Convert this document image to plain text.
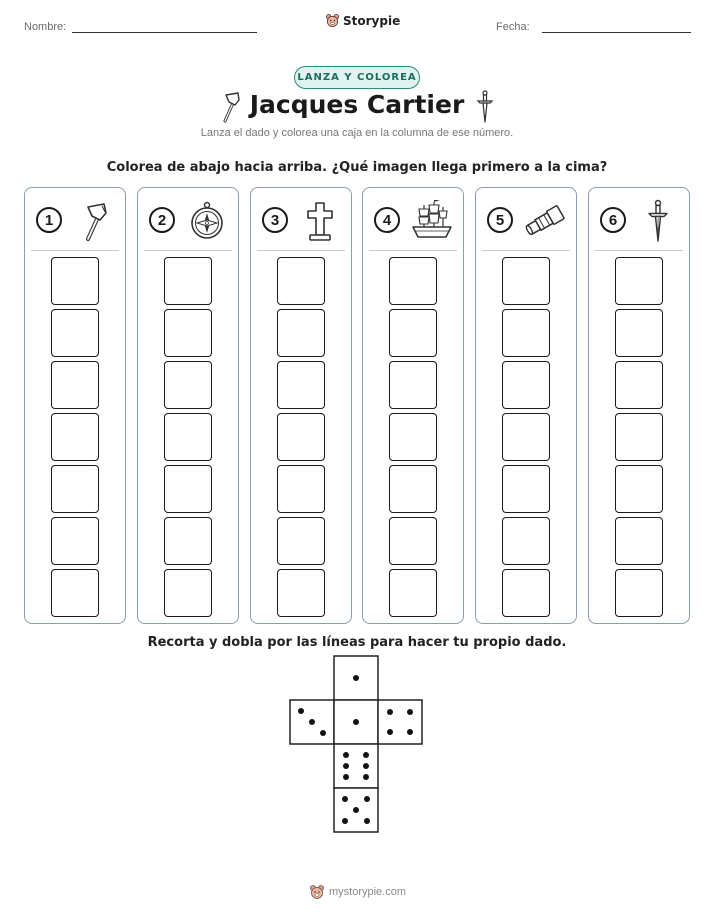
Nombre:	Storypie	Fecha:
LANZA Y COLOREA
Jacques Cartier
Lanza el dado y colorea una caja en la columna de ese número.
Colorea de abajo hacia arriba. ¿Qué imagen llega primero a la cima?
1	2	3	4	5	6
Recorta y dobla por las líneas para hacer tu propio dado.
mystorypie.com
